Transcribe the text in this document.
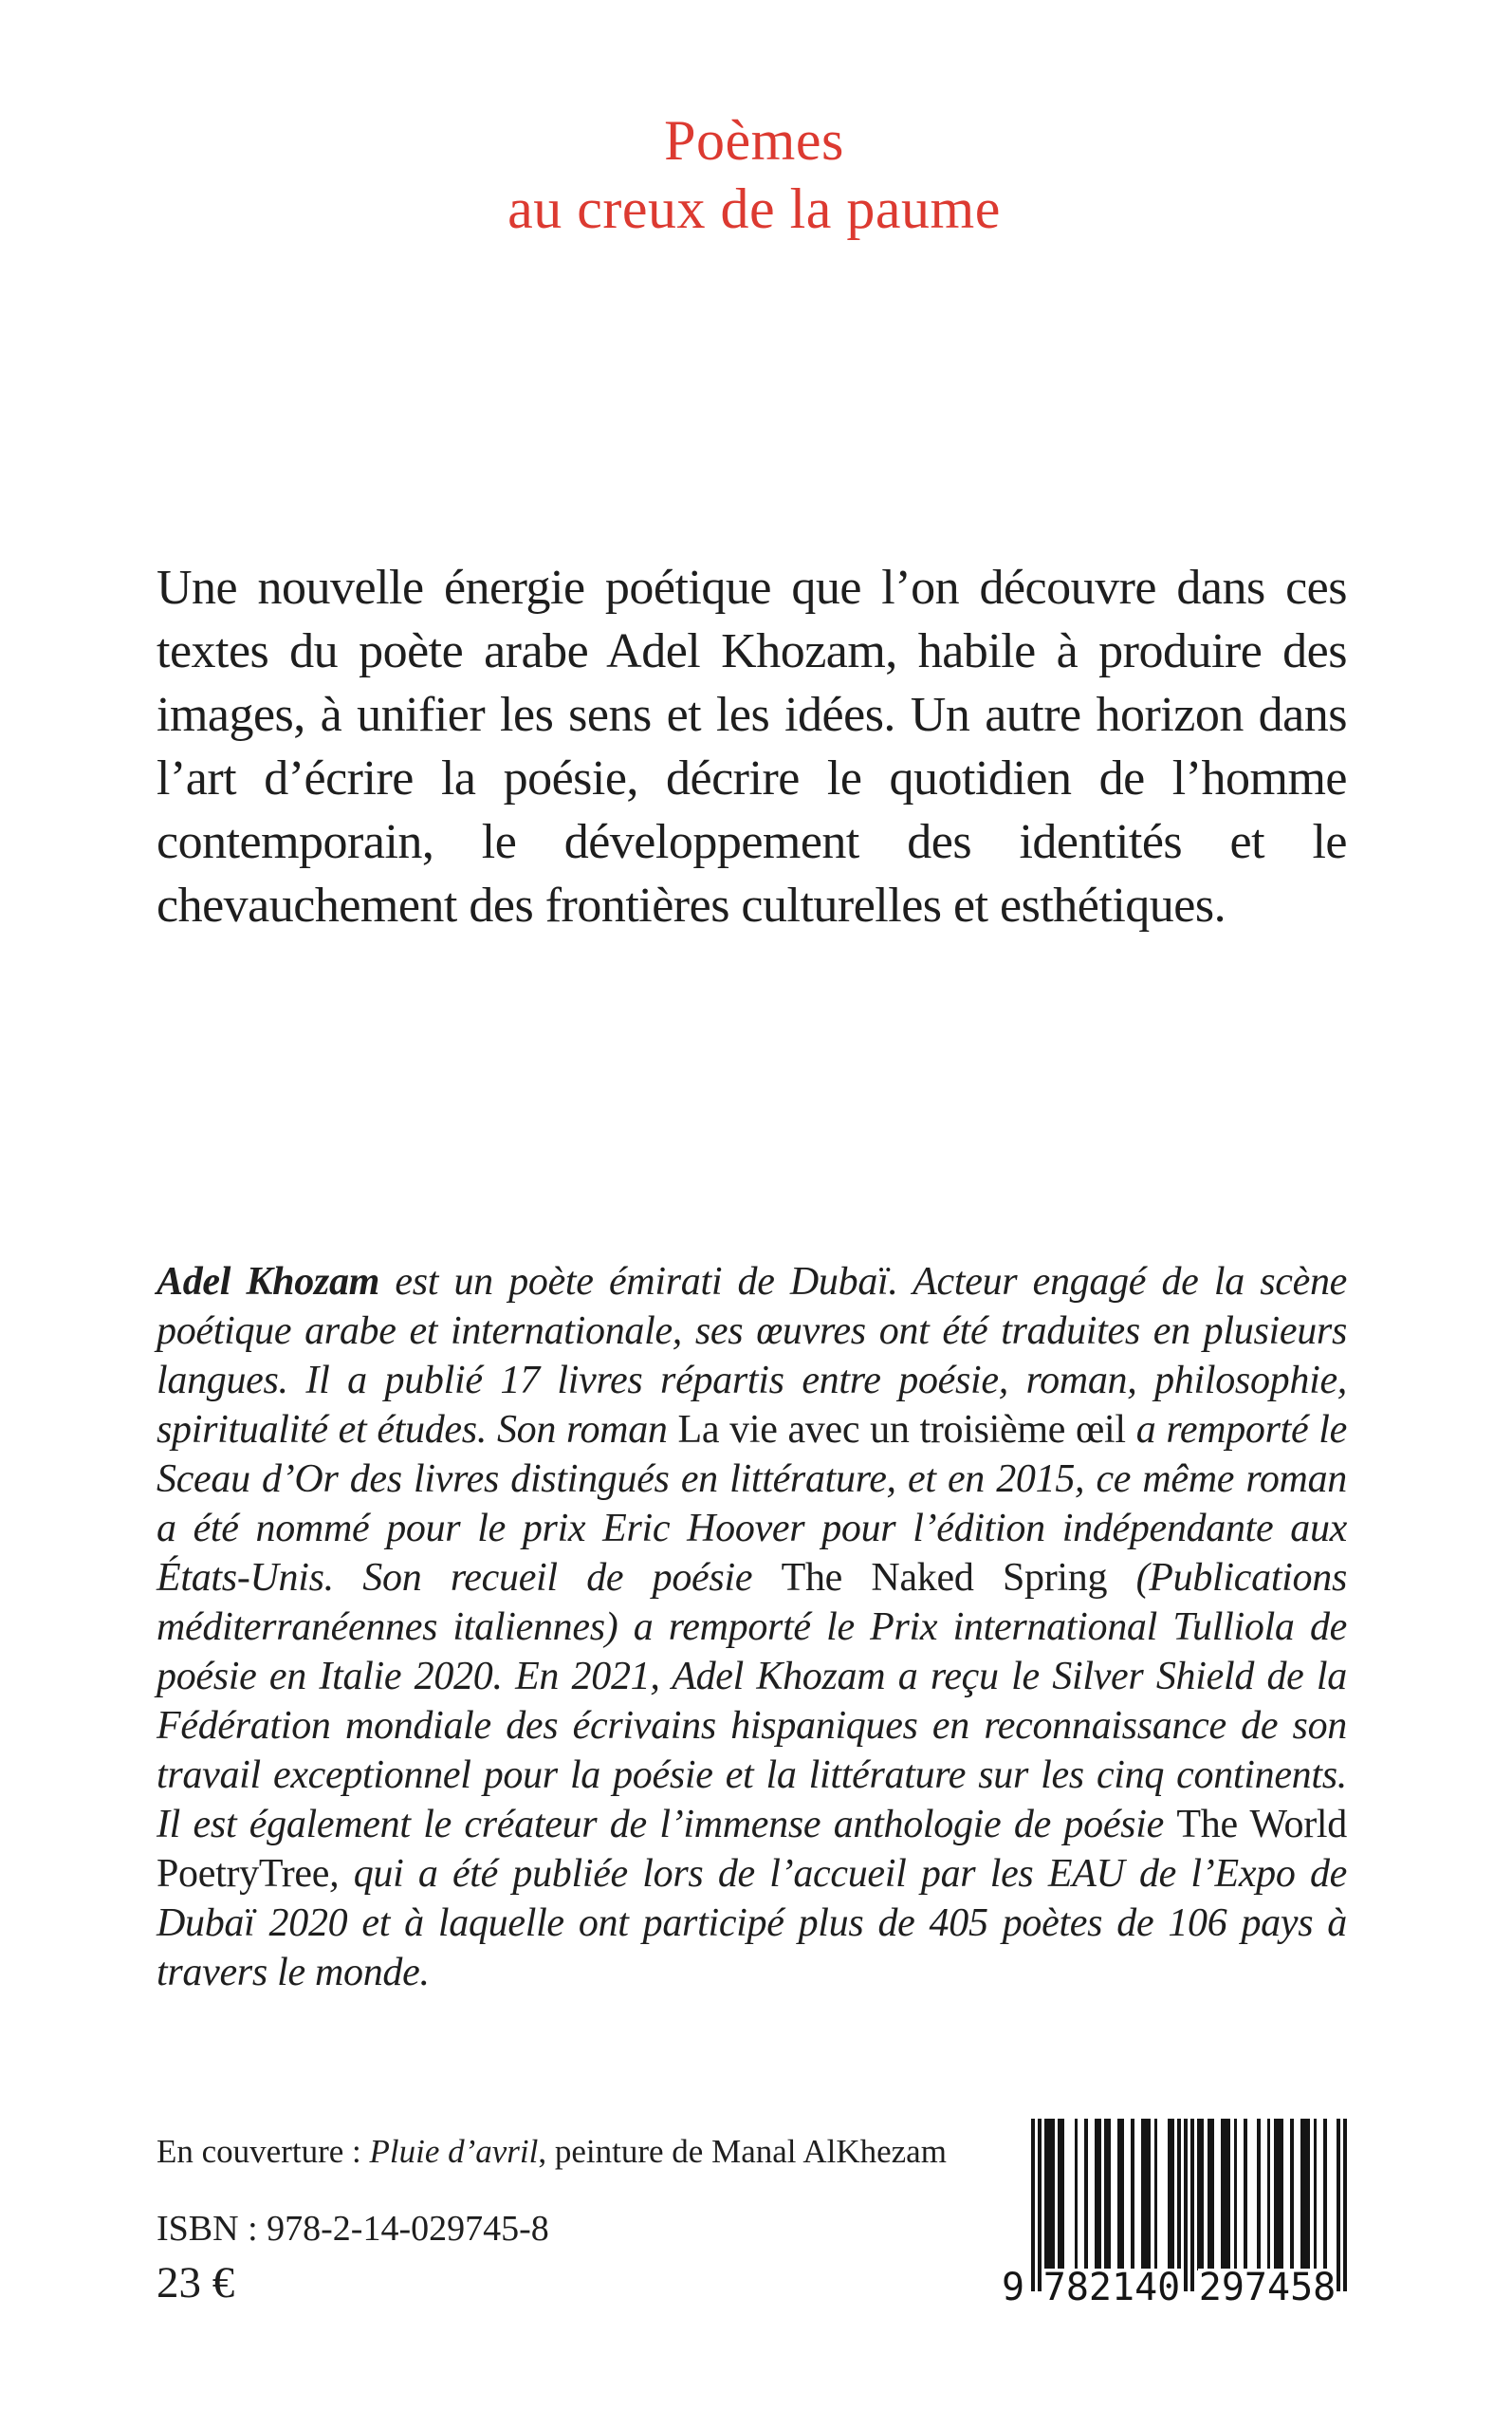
Poèmes
au creux de la paume

Une nouvelle énergie poétique que l’on découvre dans ces textes du poète arabe Adel Khozam, habile à produire des images, à unifier les sens et les idées. Un autre horizon dans l’art d’écrire la poésie, décrire le quotidien de l’homme contemporain, le développement des identités et le chevauchement des frontières culturelles et esthétiques.

Adel Khozam est un poète émirati de Dubaï. Acteur engagé de la scène poétique arabe et internationale, ses œuvres ont été traduites en plusieurs langues. Il a publié 17 livres répartis entre poésie, roman, philosophie, spiritualité et études. Son roman La vie avec un troisième œil a remporté le Sceau d’Or des livres distingués en littérature, et en 2015, ce même roman a été nommé pour le prix Eric Hoover pour l’édition indépendante aux États-Unis. Son recueil de poésie The Naked Spring (Publications méditerranéennes italiennes) a remporté le Prix international Tulliola de poésie en Italie 2020. En 2021, Adel Khozam a reçu le Silver Shield de la Fédération mondiale des écrivains hispaniques en reconnaissance de son travail exceptionnel pour la poésie et la littérature sur les cinq continents. Il est également le créateur de l’immense anthologie de poésie The World PoetryTree, qui a été publiée lors de l’accueil par les EAU de l’Expo de Dubaï 2020 et à laquelle ont participé plus de 405 poètes de 106 pays à travers le monde.

En couverture : Pluie d’avril, peinture de Manal AlKhezam
ISBN : 978-2-14-029745-8
23 €	9 782140 297458
